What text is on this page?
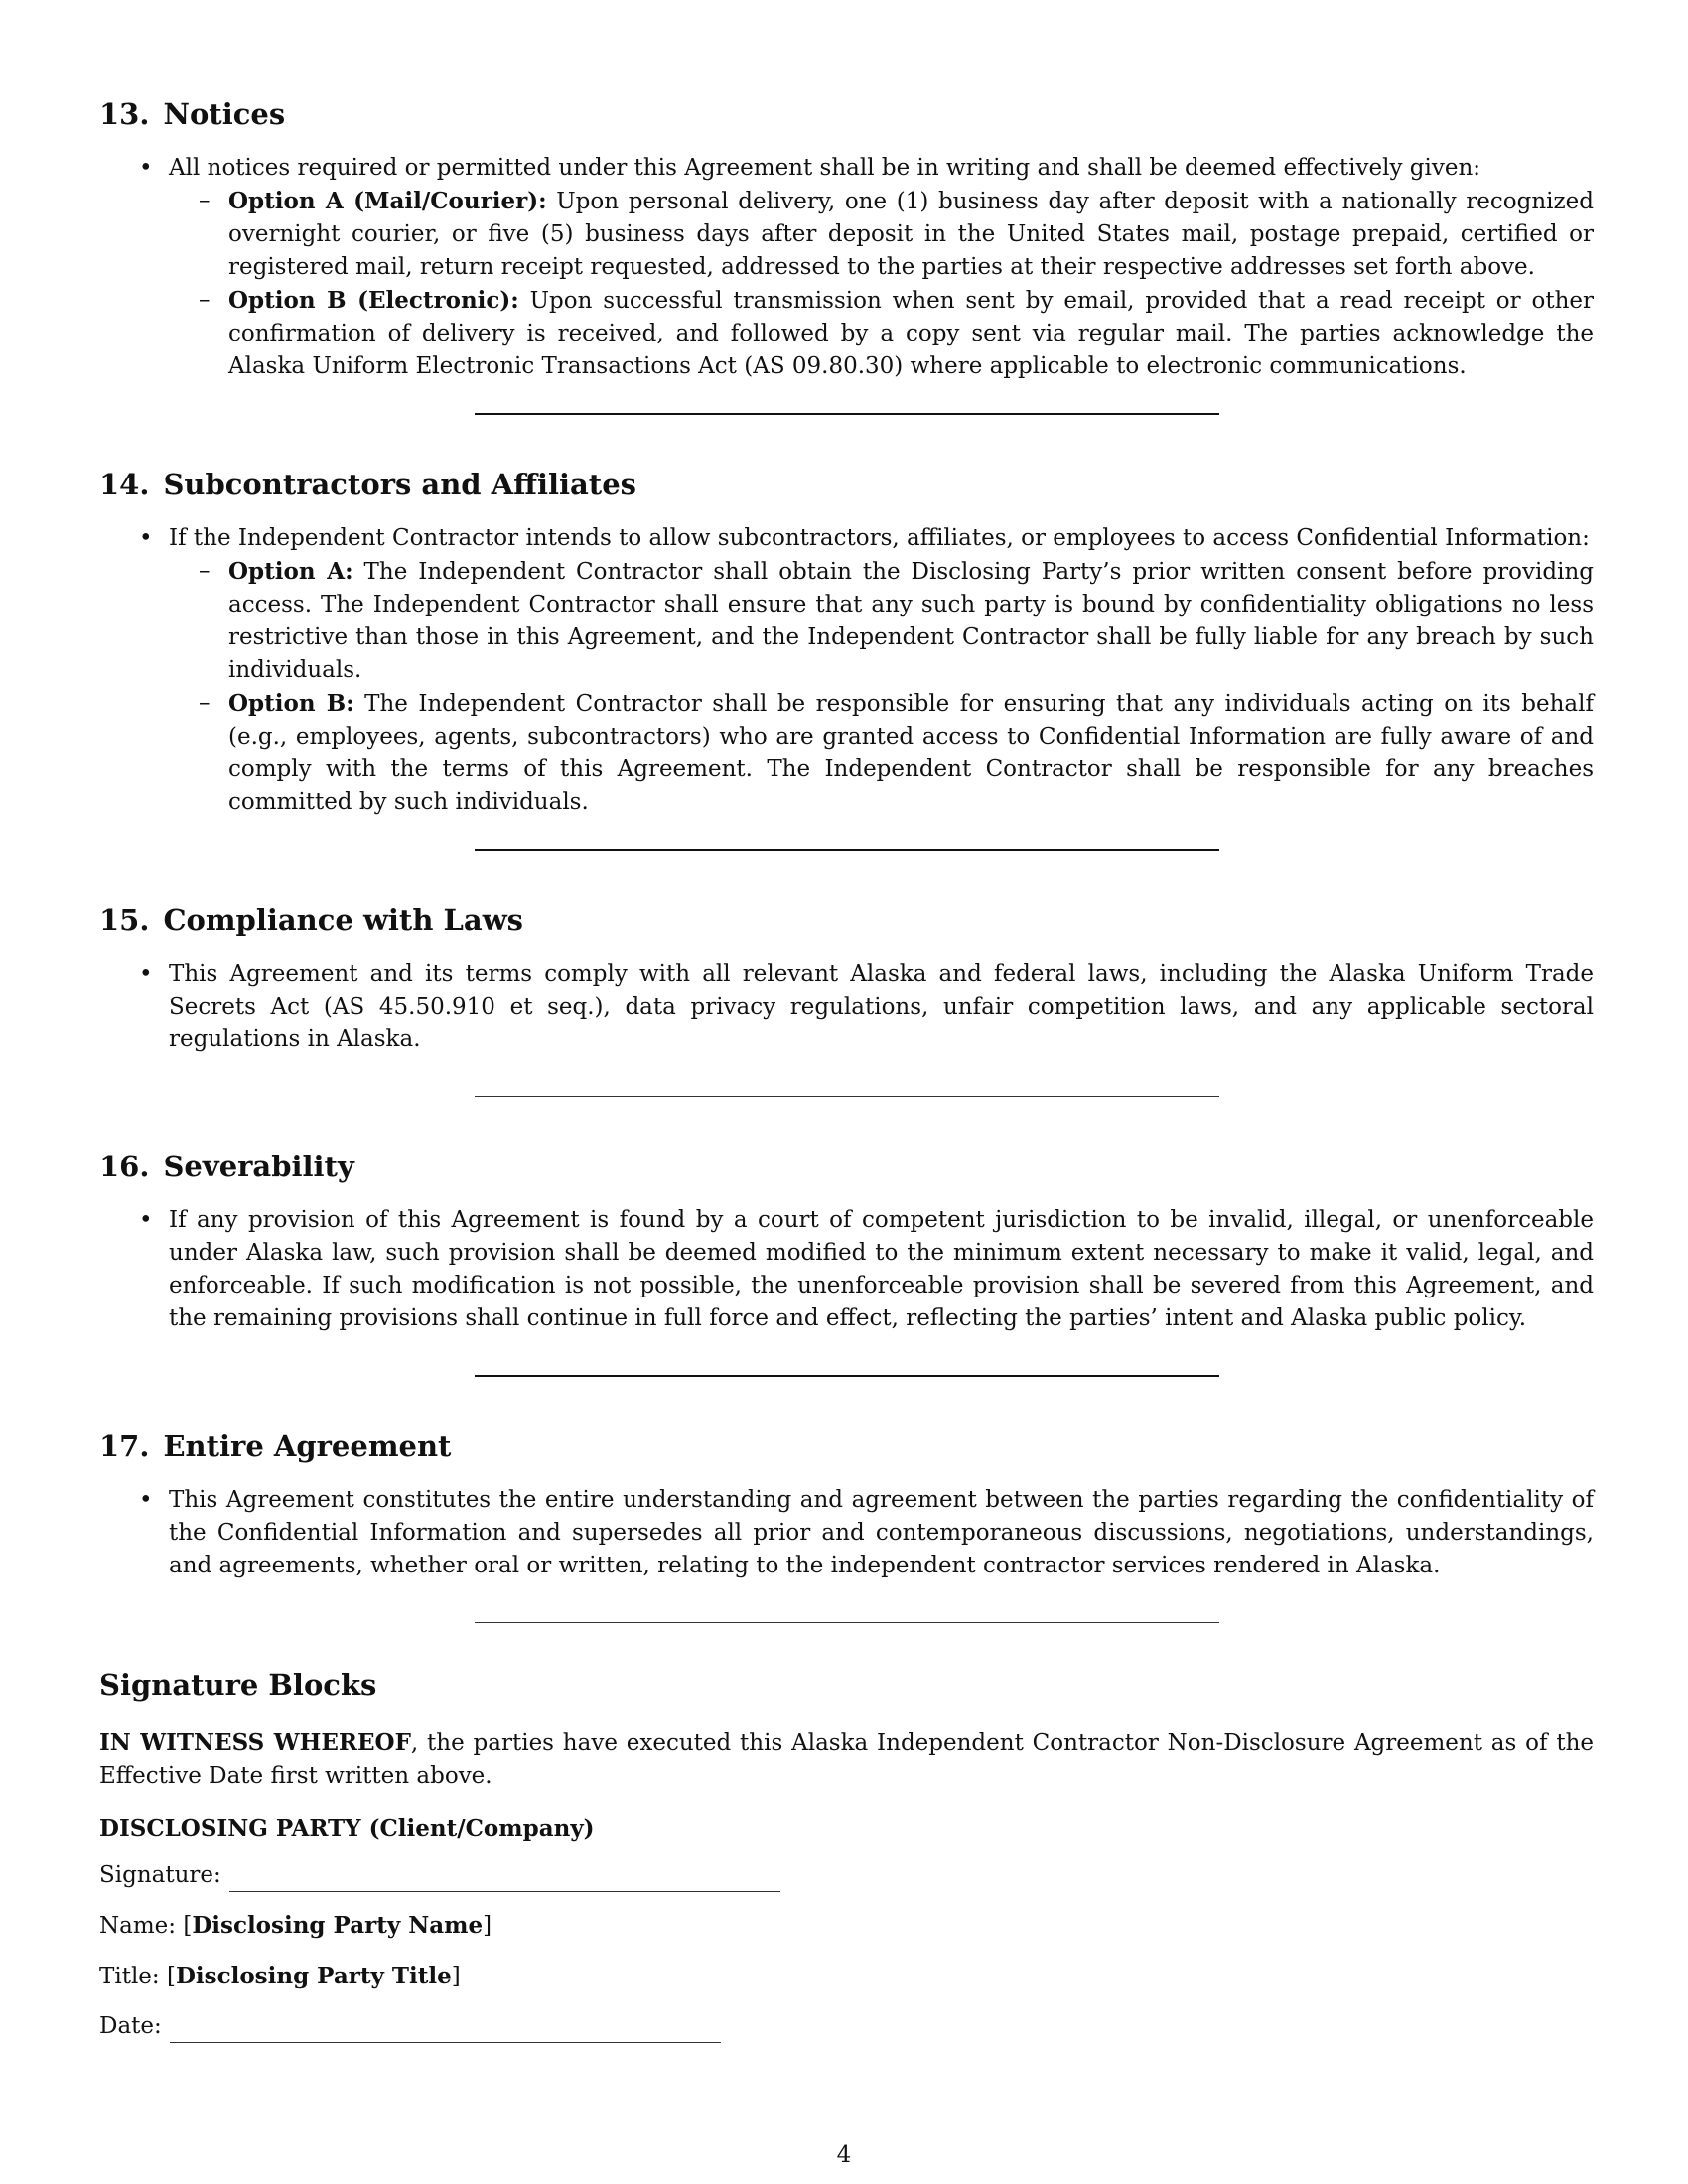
13. Notices
• All notices required or permitted under this Agreement shall be in writing and shall be deemed effectively given:
– Option A (Mail/Courier): Upon personal delivery, one (1) business day after deposit with a nationally recognized overnight courier, or five (5) business days after deposit in the United States mail, postage prepaid, certified or registered mail, return receipt requested, addressed to the parties at their respective addresses set forth above.
– Option B (Electronic): Upon successful transmission when sent by email, provided that a read receipt or other confirmation of delivery is received, and followed by a copy sent via regular mail. The parties acknowledge the Alaska Uniform Electronic Transactions Act (AS 09.80.30) where applicable to electronic communications.
14. Subcontractors and Affiliates
• If the Independent Contractor intends to allow subcontractors, affiliates, or employees to access Confidential Information:
– Option A: The Independent Contractor shall obtain the Disclosing Party’s prior written consent before providing access. The Independent Contractor shall ensure that any such party is bound by confidentiality obligations no less restrictive than those in this Agreement, and the Independent Contractor shall be fully liable for any breach by such individuals.
– Option B: The Independent Contractor shall be responsible for ensuring that any individuals acting on its behalf (e.g., employees, agents, subcontractors) who are granted access to Confidential Information are fully aware of and comply with the terms of this Agreement. The Independent Contractor shall be responsible for any breaches committed by such individuals.
15. Compliance with Laws
• This Agreement and its terms comply with all relevant Alaska and federal laws, including the Alaska Uniform Trade Secrets Act (AS 45.50.910 et seq.), data privacy regulations, unfair competition laws, and any applicable sectoral regulations in Alaska.
16. Severability
• If any provision of this Agreement is found by a court of competent jurisdiction to be invalid, illegal, or unenforceable under Alaska law, such provision shall be deemed modified to the minimum extent necessary to make it valid, legal, and enforceable. If such modification is not possible, the unenforceable provision shall be severed from this Agreement, and the remaining provisions shall continue in full force and effect, reflecting the parties’ intent and Alaska public policy.
17. Entire Agreement
• This Agreement constitutes the entire understanding and agreement between the parties regarding the confidentiality of the Confidential Information and supersedes all prior and contemporaneous discussions, negotiations, understandings, and agreements, whether oral or written, relating to the independent contractor services rendered in Alaska.
Signature Blocks

IN WITNESS WHEREOF, the parties have executed this Alaska Independent Contractor Non-Disclosure Agreement as of the Effective Date first written above.

DISCLOSING PARTY (Client/Company)
Signature:
Name:
[Disclosing Party Name]
Title:
[Disclosing Party Title]
Date:
4
